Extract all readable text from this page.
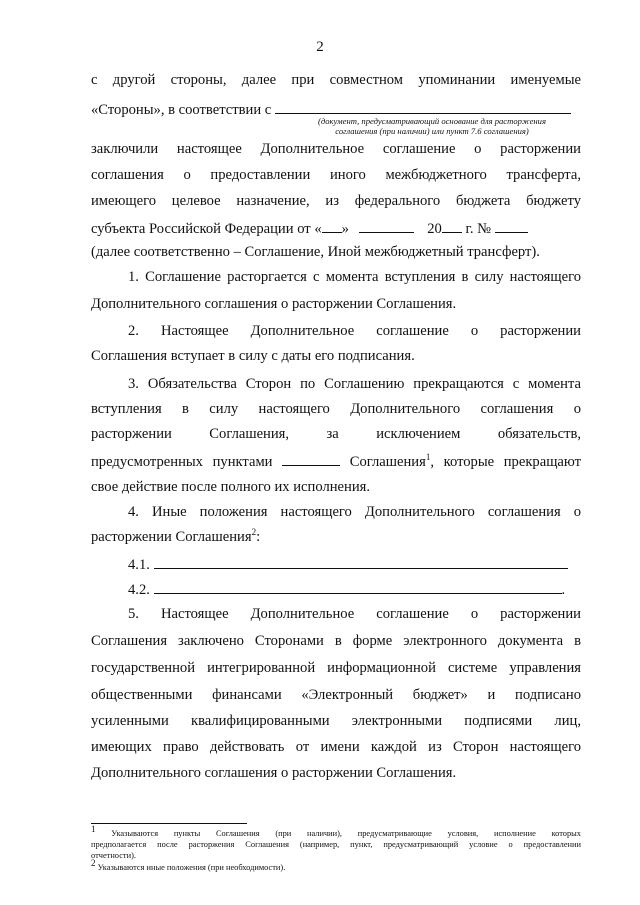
2
с другой стороны, далее при совместном упоминании именуемые
«Стороны», в соответствии с
(документ, предусматривающий основание для расторжения
соглашения (при наличии) или пункт 7.6 соглашения)
заключили настоящее Дополнительное соглашение о расторжении
соглашения о предоставлении иного межбюджетного трансферта,
имеющего целевое назначение, из федерального бюджета бюджету
субъекта Российской Федерации от « »	20 г. №
(далее соответственно – Соглашение, Иной межбюджетный трансферт).
1. Соглашение расторгается с момента вступления в силу настоящего
Дополнительного соглашения о расторжении Соглашения.
2. Настоящее Дополнительное соглашение о расторжении
Соглашения вступает в силу с даты его подписания.
3. Обязательства Сторон по Соглашению прекращаются с момента
вступления в силу настоящего Дополнительного соглашения о
расторжении Соглашения, за исключением обязательств,
предусмотренных пунктами	Соглашения$^1$, которые прекращают
свое действие после полного их исполнения.
4. Иные положения настоящего Дополнительного соглашения о
расторжении Соглашения$^2$:
4.1.
4.2.	.
5. Настоящее Дополнительное соглашение о расторжении
Соглашения заключено Сторонами в форме электронного документа в
государственной интегрированной информационной системе управления
общественными финансами «Электронный бюджет» и подписано
усиленными квалифицированными электронными подписями лиц,
имеющих право действовать от имени каждой из Сторон настоящего
Дополнительного соглашения о расторжении Соглашения.
$^1$ Указываются пункты Соглашения (при наличии), предусматривающие условия, исполнение которых
предполагается после расторжения Соглашения (например, пункт, предусматривающий условие о предоставлении
отчетности).
$^2$ Указываются иные положения (при необходимости).
